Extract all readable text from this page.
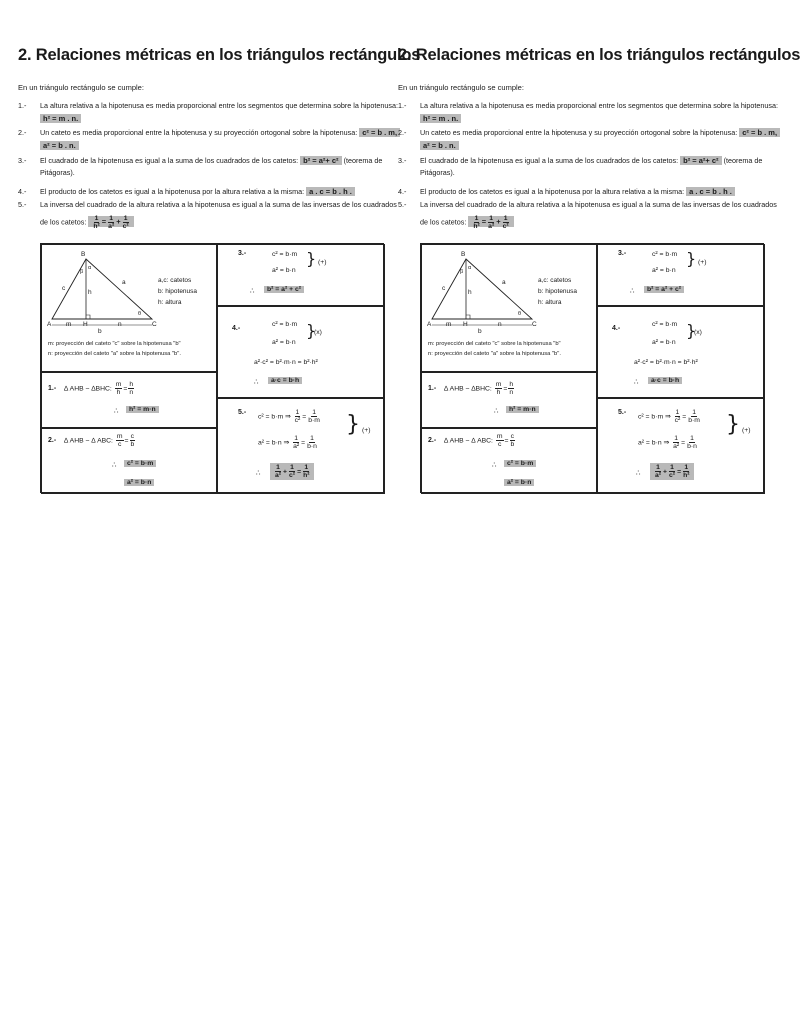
2. Relaciones métricas en los triángulos rectángulos
En un triángulo rectángulo se cumple:
1.-	La altura relativa a la hipotenusa es media proporcional entre los segmentos que determina sobre la hipotenusa:
h² = m . n.
2.-	Un cateto es media proporcional entre la hipotenusa y su proyección ortogonal sobre la hipotenusa: c² = b . m,
a² = b . n.
3.-	El cuadrado de la hipotenusa es igual a la suma de los cuadrados de los catetos: b² = a²+ c² (teorema de
Pitágoras).
4.-	El producto de los catetos es igual a la hipotenusa por la altura relativa a la misma: a . c = b . h .
5.-	La inversa del cuadrado de la altura relativa a la hipotenusa es igual a la suma de las inversas de los cuadrados
de los catetos: $\frac{1}{\text{h²}} = \frac{1}{\text{a²}} + \frac{1}{\text{c²}}$
B
A	H	C
a
c
h
m	n
b
β
α
θ
a,c: catetos
b: hipotenusa
h: altura
m: proyección del cateto "c" sobre la hipotenusa "b"
n: proyección del cateto "a" sobre la hipotenusa "b".
3.-	c² = b·m
a² = b·n
} (+)
∴	b² = a² + c²
4.-
c² = b·m
a² = b·n
}
(x)
a²·c² = b²·m·n = b²·h²
∴	a·c = b·h
1.- ∆ AHB ~ ∆BHC: $\frac{m}{h} = \frac{h}{n}$
∴	h² = m·n
2.- ∆ AHB ~ ∆ ABC: $\frac{m}{c} = \frac{c}{b}$
∴	c² = b·m
a² = b·n
5.-
c² = b·m ⇒ $\frac{1}{\text{c²}} = \frac{1}{b\cdot m}$
a² = b·n ⇒ $\frac{1}{\text{a²}} = \frac{1}{b\cdot n}$
} (+)
∴ $\frac{1}{\text{a²}} + \frac{1}{\text{c²}} = \frac{1}{\text{h²}}$
2. Relaciones métricas en los triángulos rectángulos
En un triángulo rectángulo se cumple:
1.-	La altura relativa a la hipotenusa es media proporcional entre los segmentos que determina sobre la hipotenusa:
h² = m . n.
2.-	Un cateto es media proporcional entre la hipotenusa y su proyección ortogonal sobre la hipotenusa: c² = b . m,
a² = b . n.
3.-	El cuadrado de la hipotenusa es igual a la suma de los cuadrados de los catetos: b² = a²+ c² (teorema de
Pitágoras).
4.-	El producto de los catetos es igual a la hipotenusa por la altura relativa a la misma: a . c = b . h .
5.-	La inversa del cuadrado de la altura relativa a la hipotenusa es igual a la suma de las inversas de los cuadrados
de los catetos: $\frac{1}{\text{h²}} = \frac{1}{\text{a²}} + \frac{1}{\text{c²}}$
B
A	H	C
a
c
h
m	n
b
β
α
θ
a,c: catetos
b: hipotenusa
h: altura
m: proyección del cateto "c" sobre la hipotenusa "b"
n: proyección del cateto "a" sobre la hipotenusa "b".
3.-	c² = b·m
a² = b·n
} (+)
∴	b² = a² + c²
4.-
c² = b·m
a² = b·n
}
(x)
a²·c² = b²·m·n = b²·h²
∴	a·c = b·h
1.- ∆ AHB ~ ∆BHC: $\frac{m}{h} = \frac{h}{n}$
∴	h² = m·n
2.- ∆ AHB ~ ∆ ABC: $\frac{m}{c} = \frac{c}{b}$
∴	c² = b·m
a² = b·n
5.-
c² = b·m ⇒ $\frac{1}{\text{c²}} = \frac{1}{b\cdot m}$
a² = b·n ⇒ $\frac{1}{\text{a²}} = \frac{1}{b\cdot n}$
} (+)
∴ $\frac{1}{\text{a²}} + \frac{1}{\text{c²}} = \frac{1}{\text{h²}}$
